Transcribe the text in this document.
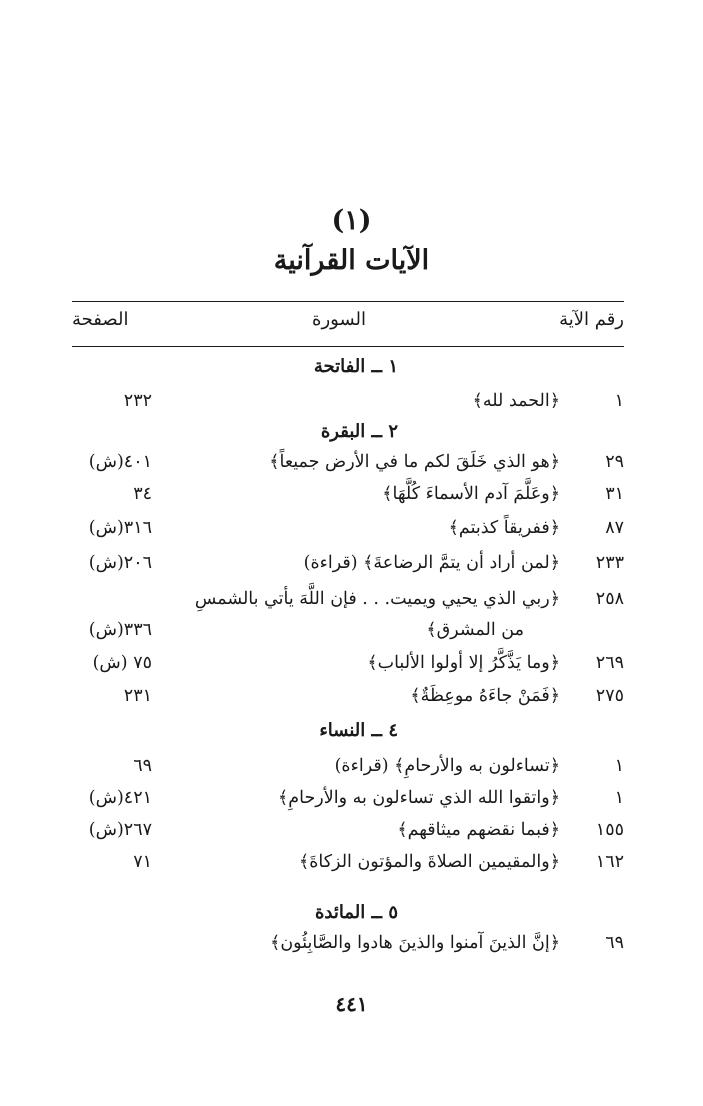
(١)
الآيات القرآنية
رقم الآية
السورة
الصفحة
١ ــ الفاتحة
١
﴿الحمد لله﴾
٢٣٢
٢ ــ البقرة
٢٩
﴿هو الذي خَلَقَ لكم ما في الأرض جميعاً﴾
٤٠١(ش)
٣١
﴿وعَلَّمَ آدم الأسماءَ كُلَّهَا﴾
٣٤
٨٧
﴿ففريقاً كذبتم﴾
٣١٦(ش)
٢٣٣
﴿لمن أراد أن يتمَّ الرضاعةَ﴾ (قراءة)
٢٠٦(ش)
٢٥٨
﴿ربي الذي يحيي ويميت. . . فإن اللَّهَ يأتي بالشمسِ
من المشرق﴾
٣٣٦(ش)
٢٦٩
﴿وما يَذَّكَّرُ إلا أولوا الألباب﴾
٧٥ (ش)
٢٧٥
﴿فَمَنْ جاءَهُ موعِظَةٌ﴾
٢٣١
٤ ــ النساء
١
﴿تساءلون به والأرحامِ﴾ (قراءة)
٦٩
١
﴿واتقوا الله الذي تساءلون به والأرحامِ﴾
٤٢١(ش)
١٥٥
﴿فبما نقضهم ميثاقهم﴾
٢٦٧(ش)
١٦٢
﴿والمقيمين الصلاةَ والمؤتون الزكاةَ﴾
٧١
٥ ــ المائدة
٦٩
﴿إنَّ الذينَ آمنوا والذينَ هادوا والصَّابِئُون﴾
٤٤١
